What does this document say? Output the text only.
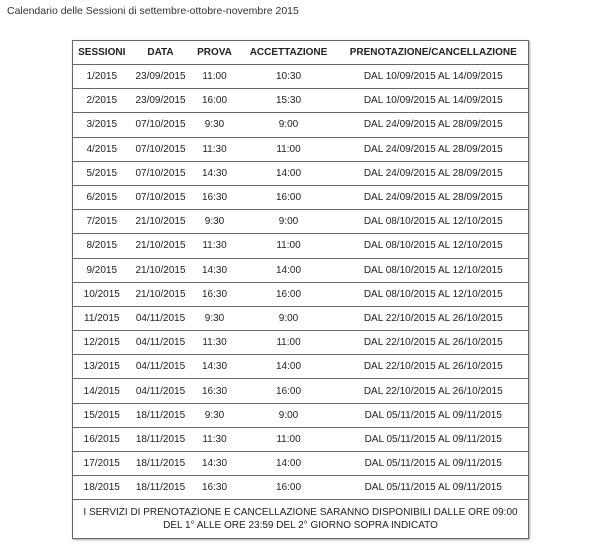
Calendario delle Sessioni di settembre-ottobre-novembre 2015
SESSIONI	DATA	PROVA	ACCETTAZIONE	PRENOTAZIONE/CANCELLAZIONE
1/2015	23/09/2015	11:00	10:30	DAL 10/09/2015 AL 14/09/2015
2/2015	23/09/2015	16:00	15:30	DAL 10/09/2015 AL 14/09/2015
3/2015	07/10/2015	9:30	9:00	DAL 24/09/2015 AL 28/09/2015
4/2015	07/10/2015	11:30	11:00	DAL 24/09/2015 AL 28/09/2015
5/2015	07/10/2015	14:30	14:00	DAL 24/09/2015 AL 28/09/2015
6/2015	07/10/2015	16:30	16:00	DAL 24/09/2015 AL 28/09/2015
7/2015	21/10/2015	9:30	9:00	DAL 08/10/2015 AL 12/10/2015
8/2015	21/10/2015	11:30	11:00	DAL 08/10/2015 AL 12/10/2015
9/2015	21/10/2015	14:30	14:00	DAL 08/10/2015 AL 12/10/2015
10/2015	21/10/2015	16:30	16:00	DAL 08/10/2015 AL 12/10/2015
11/2015	04/11/2015	9:30	9:00	DAL 22/10/2015 AL 26/10/2015
12/2015	04/11/2015	11:30	11:00	DAL 22/10/2015 AL 26/10/2015
13/2015	04/11/2015	14:30	14:00	DAL 22/10/2015 AL 26/10/2015
14/2015	04/11/2015	16:30	16:00	DAL 22/10/2015 AL 26/10/2015
15/2015	18/11/2015	9:30	9:00	DAL 05/11/2015 AL 09/11/2015
16/2015	18/11/2015	11:30	11:00	DAL 05/11/2015 AL 09/11/2015
17/2015	18/11/2015	14:30	14:00	DAL 05/11/2015 AL 09/11/2015
18/2015	18/11/2015	16:30	16:00	DAL 05/11/2015 AL 09/11/2015
I SERVIZI DI PRENOTAZIONE E CANCELLAZIONE SARANNO DISPONIBILI DALLE ORE 09:00 DEL 1° ALLE ORE 23:59 DEL 2° GIORNO SOPRA INDICATO				
